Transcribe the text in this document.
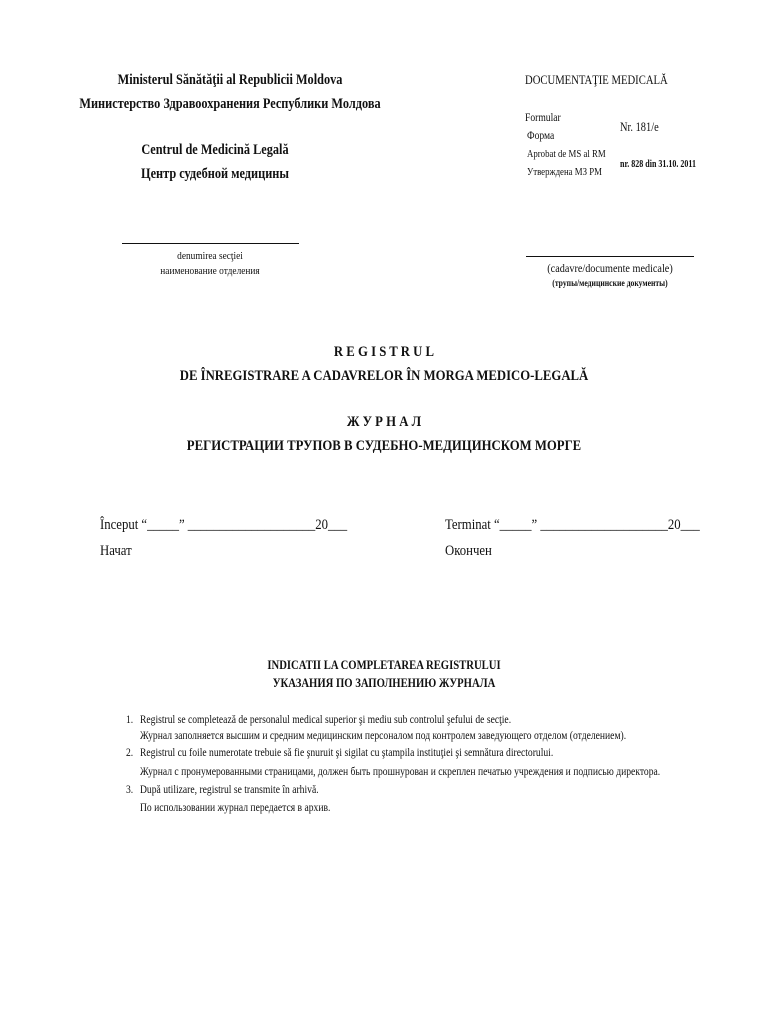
Ministerul Sănătăţii al Republicii Moldova
Министерство Здравоохранения Республики Молдова
Centrul de Medicină Legală
Центр судебной медицины
DOCUMENTAŢIE MEDICALĂ
Formular
Форма
Nr. 181/e
Aprobat de MS al RM
Утверждена МЗ РМ
nr. 828 din 31.10. 2011
denumirea secţiei
наименование отделения	(cadavre/documente medicale)
(трупы/медицинские документы)
R E G I S T R U L
DE ÎNREGISTRARE A CADAVRELOR ÎN MORGA MEDICO-LEGALĂ
Ж У Р Н А Л
РЕГИСТРАЦИИ ТРУПОВ В СУДЕБНО-МЕДИЦИНСКОМ МОРГЕ
Început “_____” ____________________20___
Начат
Terminat “_____” ____________________20___
Окончен
INDICATII LA COMPLETAREA REGISTRULUI
УКАЗАНИЯ ПО ЗАПОЛНЕНИЮ ЖУРНАЛА
1. Registrul se completează de personalul medical superior şi mediu sub controlul şefului de secţie.
Журнал заполняется высшим и средним медицинским персоналом под контролем заведующего отделом (отделением).
2. Registrul cu foile numerotate trebuie să fie şnuruit şi sigilat cu ştampila instituţiei şi semnătura directorului.
Журнал с пронумерованными страницами, должен быть прошнурован и скреплен печатью учреждения и подписью директора.
3. După utilizare, registrul se transmite în arhivă.
По использовании журнал передается в архив.
